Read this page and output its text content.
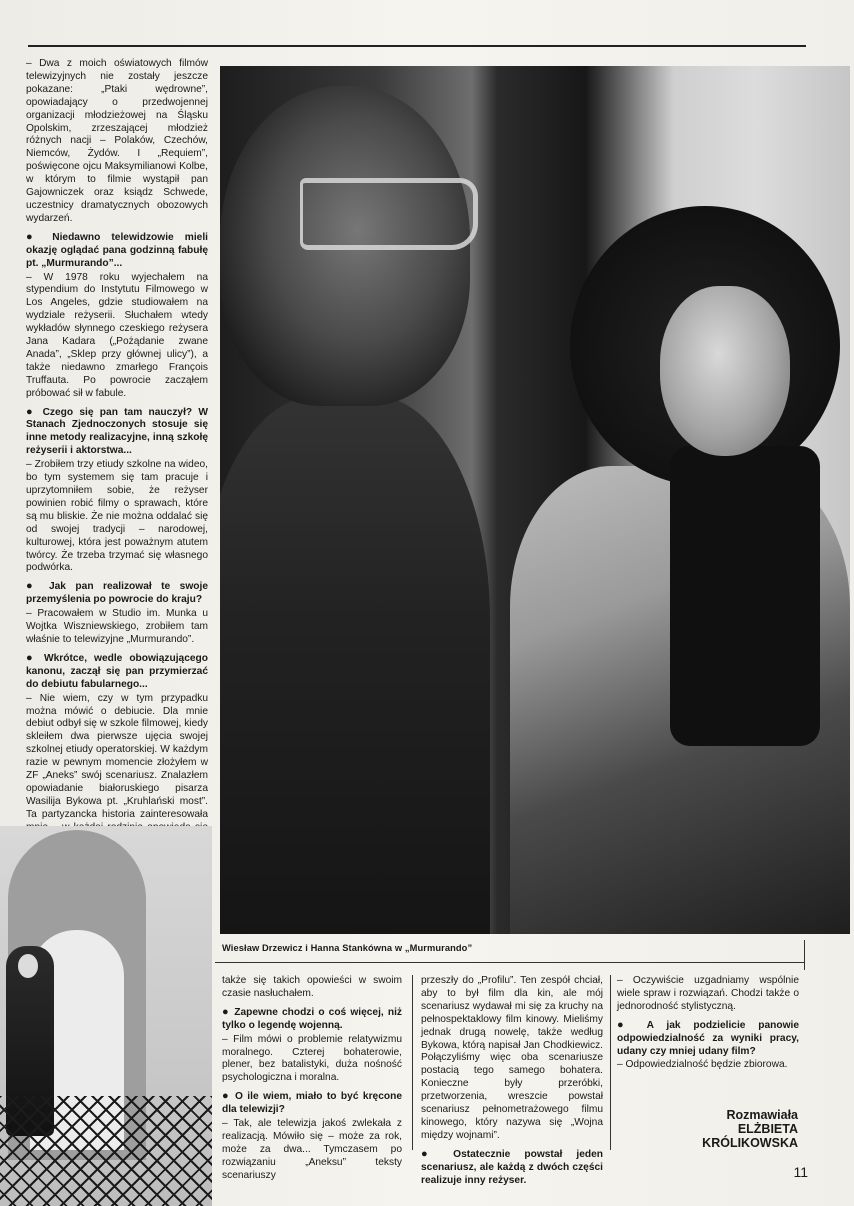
– Dwa z moich oświatowych filmów telewizyjnych nie zostały jeszcze pokazane: „Ptaki wędrowne”, opowiadający o przedwojennej organizacji młodzieżowej na Śląsku Opolskim, zrzeszającej młodzież różnych nacji – Polaków, Czechów, Niemców, Żydów. I „Requiem”, poświęcone ojcu Maksymilianowi Kolbe, w którym to filmie wystąpił pan Gajowniczek oraz ksiądz Schwede, uczestnicy dramatycznych obozowych wydarzeń.

● Niedawno telewidzowie mieli okazję oglądać pana godzinną fabułę pt. „Murmurando”...

– W 1978 roku wyjechałem na stypendium do Instytutu Filmowego w Los Angeles, gdzie studiowałem na wydziale reżyserii. Słuchałem wtedy wykładów słynnego czeskiego reżysera Jana Kadara („Pożądanie zwane Anada”, „Sklep przy głównej ulicy”), a także niedawno zmarłego François Truffauta. Po powrocie zacząłem próbować sił w fabule.

● Czego się pan tam nauczył? W Stanach Zjednoczonych stosuje się inne metody realizacyjne, inną szkołę reżyserii i aktorstwa...

– Zrobiłem trzy etiudy szkolne na wideo, bo tym systemem się tam pracuje i uprzytomniłem sobie, że reżyser powinien robić filmy o sprawach, które są mu bliskie. Że nie można oddalać się od swojej tradycji – narodowej, kulturowej, która jest poważnym atutem twórcy. Że trzeba trzymać się własnego podwórka.

● Jak pan realizował te swoje przemyślenia po powrocie do kraju?

– Pracowałem w Studio im. Munka u Wojtka Wiszniewskiego, zrobiłem tam właśnie to telewizyjne „Murmurando”.

● Wkrótce, wedle obowiązującego kanonu, zaczął się pan przymierzać do debiutu fabularnego...

– Nie wiem, czy w tym przypadku można mówić o debiucie. Dla mnie debiut odbył się w szkole filmowej, kiedy skleiłem dwa pierwsze ujęcia swojej szkolnej etiudy operatorskiej. W każdym razie w pewnym momencie złożyłem w ZF „Aneks” swój scenariusz. Znalazłem opowiadanie białoruskiego pisarza Wasilija Bykowa pt. „Kruhlański most”. Ta partyzancka historia zainteresowała

Wiesław Drzewicz i Hanna Stankówna w „Murmurando”

także się takich opowieści w swoim czasie nasłuchałem.

● Zapewne chodzi o coś więcej, niż tylko o legendę wojenną.

– Film mówi o problemie relatywizmu moralnego. Czterej bohaterowie, plener, bez batalistyki, duża nośność psychologiczna i moralna.

● O ile wiem, miało to być kręcone dla telewizji?

– Tak, ale telewizja jakoś zwlekała z realizacją. Mówiło się – może za rok, może za dwa... Tymczasem po rozwiązaniu „Aneksu” teksty scenariuszy

przeszły do „Profilu”. Ten zespół chciał, aby to był film dla kin, ale mój scenariusz wydawał mi się za kruchy na pełnospektaklowy film kinowy. Mieliśmy jednak drugą nowelę, także według Bykowa, którą napisał Jan Chodkiewicz. Połączyliśmy więc oba scenariusze postacią tego samego bohatera. Konieczne były przeróbki, przetworzenia, wreszcie powstał scenariusz pełnometrażowego filmu kinowego, który nazywa się „Wojna między wojnami”.

● Ostatecznie powstał jeden scenariusz, ale każdą z dwóch części realizuje inny reżyser.

– Oczywiście uzgadniamy wspólnie wiele spraw i rozwiązań. Chodzi także o jednorodność stylistyczną.

● A jak podzielicie panowie odpowiedzialność za wyniki pracy, udany czy mniej udany film?

– Odpowiedzialność będzie zbiorowa.

Rozmawiała
ELŻBIETA
KRÓLIKOWSKA
11
